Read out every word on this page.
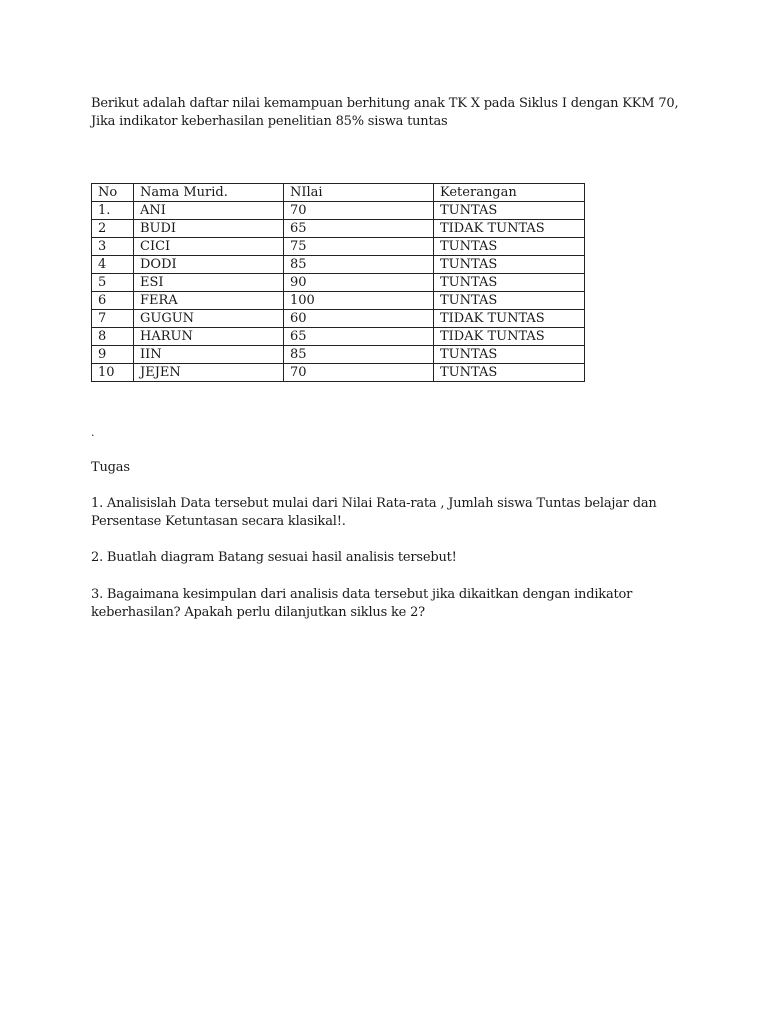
Berikut adalah daftar nilai kemampuan berhitung anak TK X pada Siklus I dengan KKM 70,
Jika indikator keberhasilan penelitian 85% siswa tuntas
No	Nama Murid.	NIlai	Keterangan
1.	ANI	70	TUNTAS
2	BUDI	65	TIDAK TUNTAS
3	CICI	75	TUNTAS
4	DODI	85	TUNTAS
5	ESI	90	TUNTAS
6	FERA	100	TUNTAS
7	GUGUN	60	TIDAK TUNTAS
8	HARUN	65	TIDAK TUNTAS
9	IIN	85	TUNTAS
10	JEJEN	70	TUNTAS
.
Tugas
1. Analisislah Data tersebut mulai dari Nilai Rata-rata , Jumlah siswa Tuntas belajar dan
Persentase Ketuntasan secara klasikal!.
2. Buatlah diagram Batang sesuai hasil analisis tersebut!
3. Bagaimana kesimpulan dari analisis data tersebut jika dikaitkan dengan indikator
keberhasilan? Apakah perlu dilanjutkan siklus ke 2?
